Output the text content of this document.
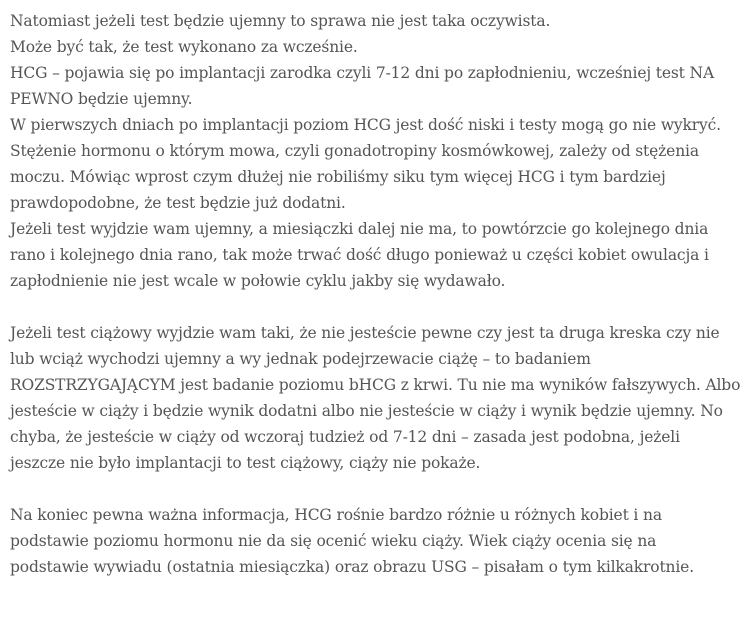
Natomiast jeżeli test będzie ujemny to sprawa nie jest taka oczywista.
Może być tak, że test wykonano za wcześnie.
HCG – pojawia się po implantacji zarodka czyli 7-12 dni po zapłodnieniu, wcześniej test NA
PEWNO będzie ujemny.
W pierwszych dniach po implantacji poziom HCG jest dość niski i testy mogą go nie wykryć.
Stężenie hormonu o którym mowa, czyli gonadotropiny kosmówkowej, zależy od stężenia
moczu. Mówiąc wprost czym dłużej nie robiliśmy siku tym więcej HCG i tym bardziej
prawdopodobne, że test będzie już dodatni.
Jeżeli test wyjdzie wam ujemny, a miesiączki dalej nie ma, to powtórzcie go kolejnego dnia
rano i kolejnego dnia rano, tak może trwać dość długo ponieważ u części kobiet owulacja i
zapłodnienie nie jest wcale w połowie cyklu jakby się wydawało.

Jeżeli test ciążowy wyjdzie wam taki, że nie jesteście pewne czy jest ta druga kreska czy nie
lub wciąż wychodzi ujemny a wy jednak podejrzewacie ciążę – to badaniem
ROZSTRZYGAJĄCYM jest badanie poziomu bHCG z krwi. Tu nie ma wyników fałszywych. Albo
jesteście w ciąży i będzie wynik dodatni albo nie jesteście w ciąży i wynik będzie ujemny. No
chyba, że jesteście w ciąży od wczoraj tudzież od 7-12 dni – zasada jest podobna, jeżeli
jeszcze nie było implantacji to test ciążowy, ciąży nie pokaże.

Na koniec pewna ważna informacja, HCG rośnie bardzo różnie u różnych kobiet i na
podstawie poziomu hormonu nie da się ocenić wieku ciąży. Wiek ciąży ocenia się na
podstawie wywiadu (ostatnia miesiączka) oraz obrazu USG – pisałam o tym kilkakrotnie.
